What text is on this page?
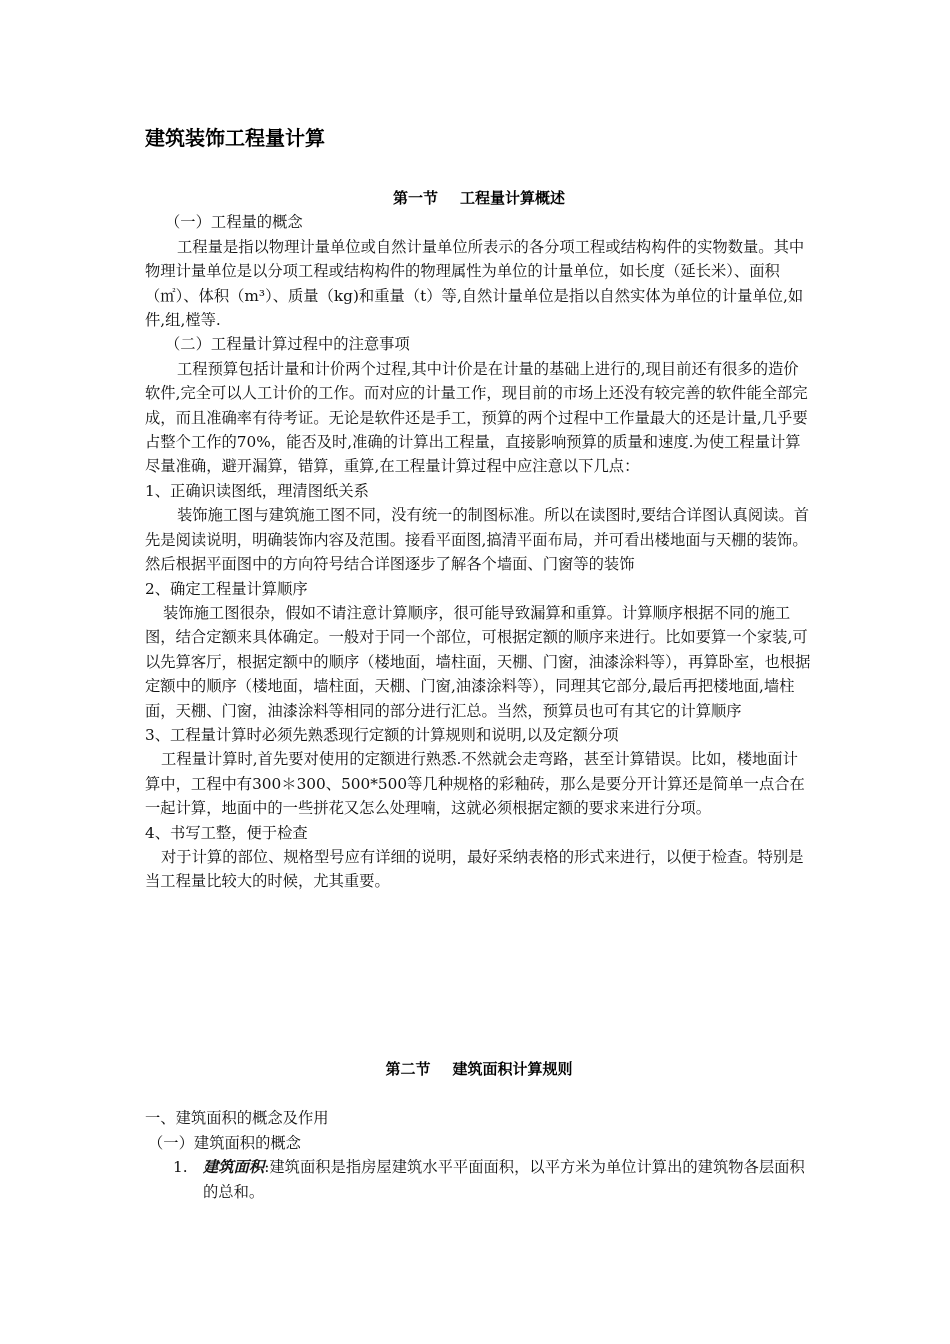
建筑装饰工程量计算
第一节 工程量计算概述

（一）工程量的概念

工程量是指以物理计量单位或自然计量单位所表示的各分项工程或结构构件的实物数量。其中物理计量单位是以分项工程或结构构件的物理属性为单位的计量单位，如长度（延长米）、面积（㎡）、体积（m³）、质量（kg)和重量（t）等,自然计量单位是指以自然实体为单位的计量单位,如件,组,樘等.

（二）工程量计算过程中的注意事项

工程预算包括计量和计价两个过程,其中计价是在计量的基础上进行的,现目前还有很多的造价软件,完全可以人工计价的工作。而对应的计量工作，现目前的市场上还没有较完善的软件能全部完成，而且准确率有待考证。无论是软件还是手工，预算的两个过程中工作量最大的还是计量,几乎要占整个工作的70%，能否及时,准确的计算出工程量，直接影响预算的质量和速度.为使工程量计算尽量准确，避开漏算，错算，重算,在工程量计算过程中应注意以下几点：

1、正确识读图纸，理清图纸关系

装饰施工图与建筑施工图不同，没有统一的制图标准。所以在读图时,要结合详图认真阅读。首先是阅读说明，明确装饰内容及范围。接看平面图,搞清平面布局，并可看出楼地面与天棚的装饰。然后根据平面图中的方向符号结合详图逐步了解各个墙面、门窗等的装饰

2、确定工程量计算顺序

装饰施工图很杂，假如不请注意计算顺序，很可能导致漏算和重算。计算顺序根据不同的施工图，结合定额来具体确定。一般对于同一个部位，可根据定额的顺序来进行。比如要算一个家装,可以先算客厅，根据定额中的顺序（楼地面，墙柱面，天棚、门窗，油漆涂料等），再算卧室，也根据定额中的顺序（楼地面，墙柱面，天棚、门窗,油漆涂料等），同理其它部分,最后再把楼地面,墙柱面，天棚、门窗，油漆涂料等相同的部分进行汇总。当然，预算员也可有其它的计算顺序

3、工程量计算时必须先熟悉现行定额的计算规则和说明,以及定额分项

工程量计算时,首先要对使用的定额进行熟悉.不然就会走弯路，甚至计算错误。比如，楼地面计算中，工程中有300＊300、500*500等几种规格的彩釉砖，那么是要分开计算还是简单一点合在一起计算，地面中的一些拼花又怎么处理喃，这就必须根据定额的要求来进行分项。

4、书写工整，便于检查

对于计算的部位、规格型号应有详细的说明，最好采纳表格的形式来进行，以便于检查。特别是当工程量比较大的时候，尤其重要。

第二节 建筑面积计算规则

一、建筑面积的概念及作用

（一）建筑面积的概念

1. 建筑面积:建筑面积是指房屋建筑水平平面面积，以平方米为单位计算出的建筑物各层面积的总和。
